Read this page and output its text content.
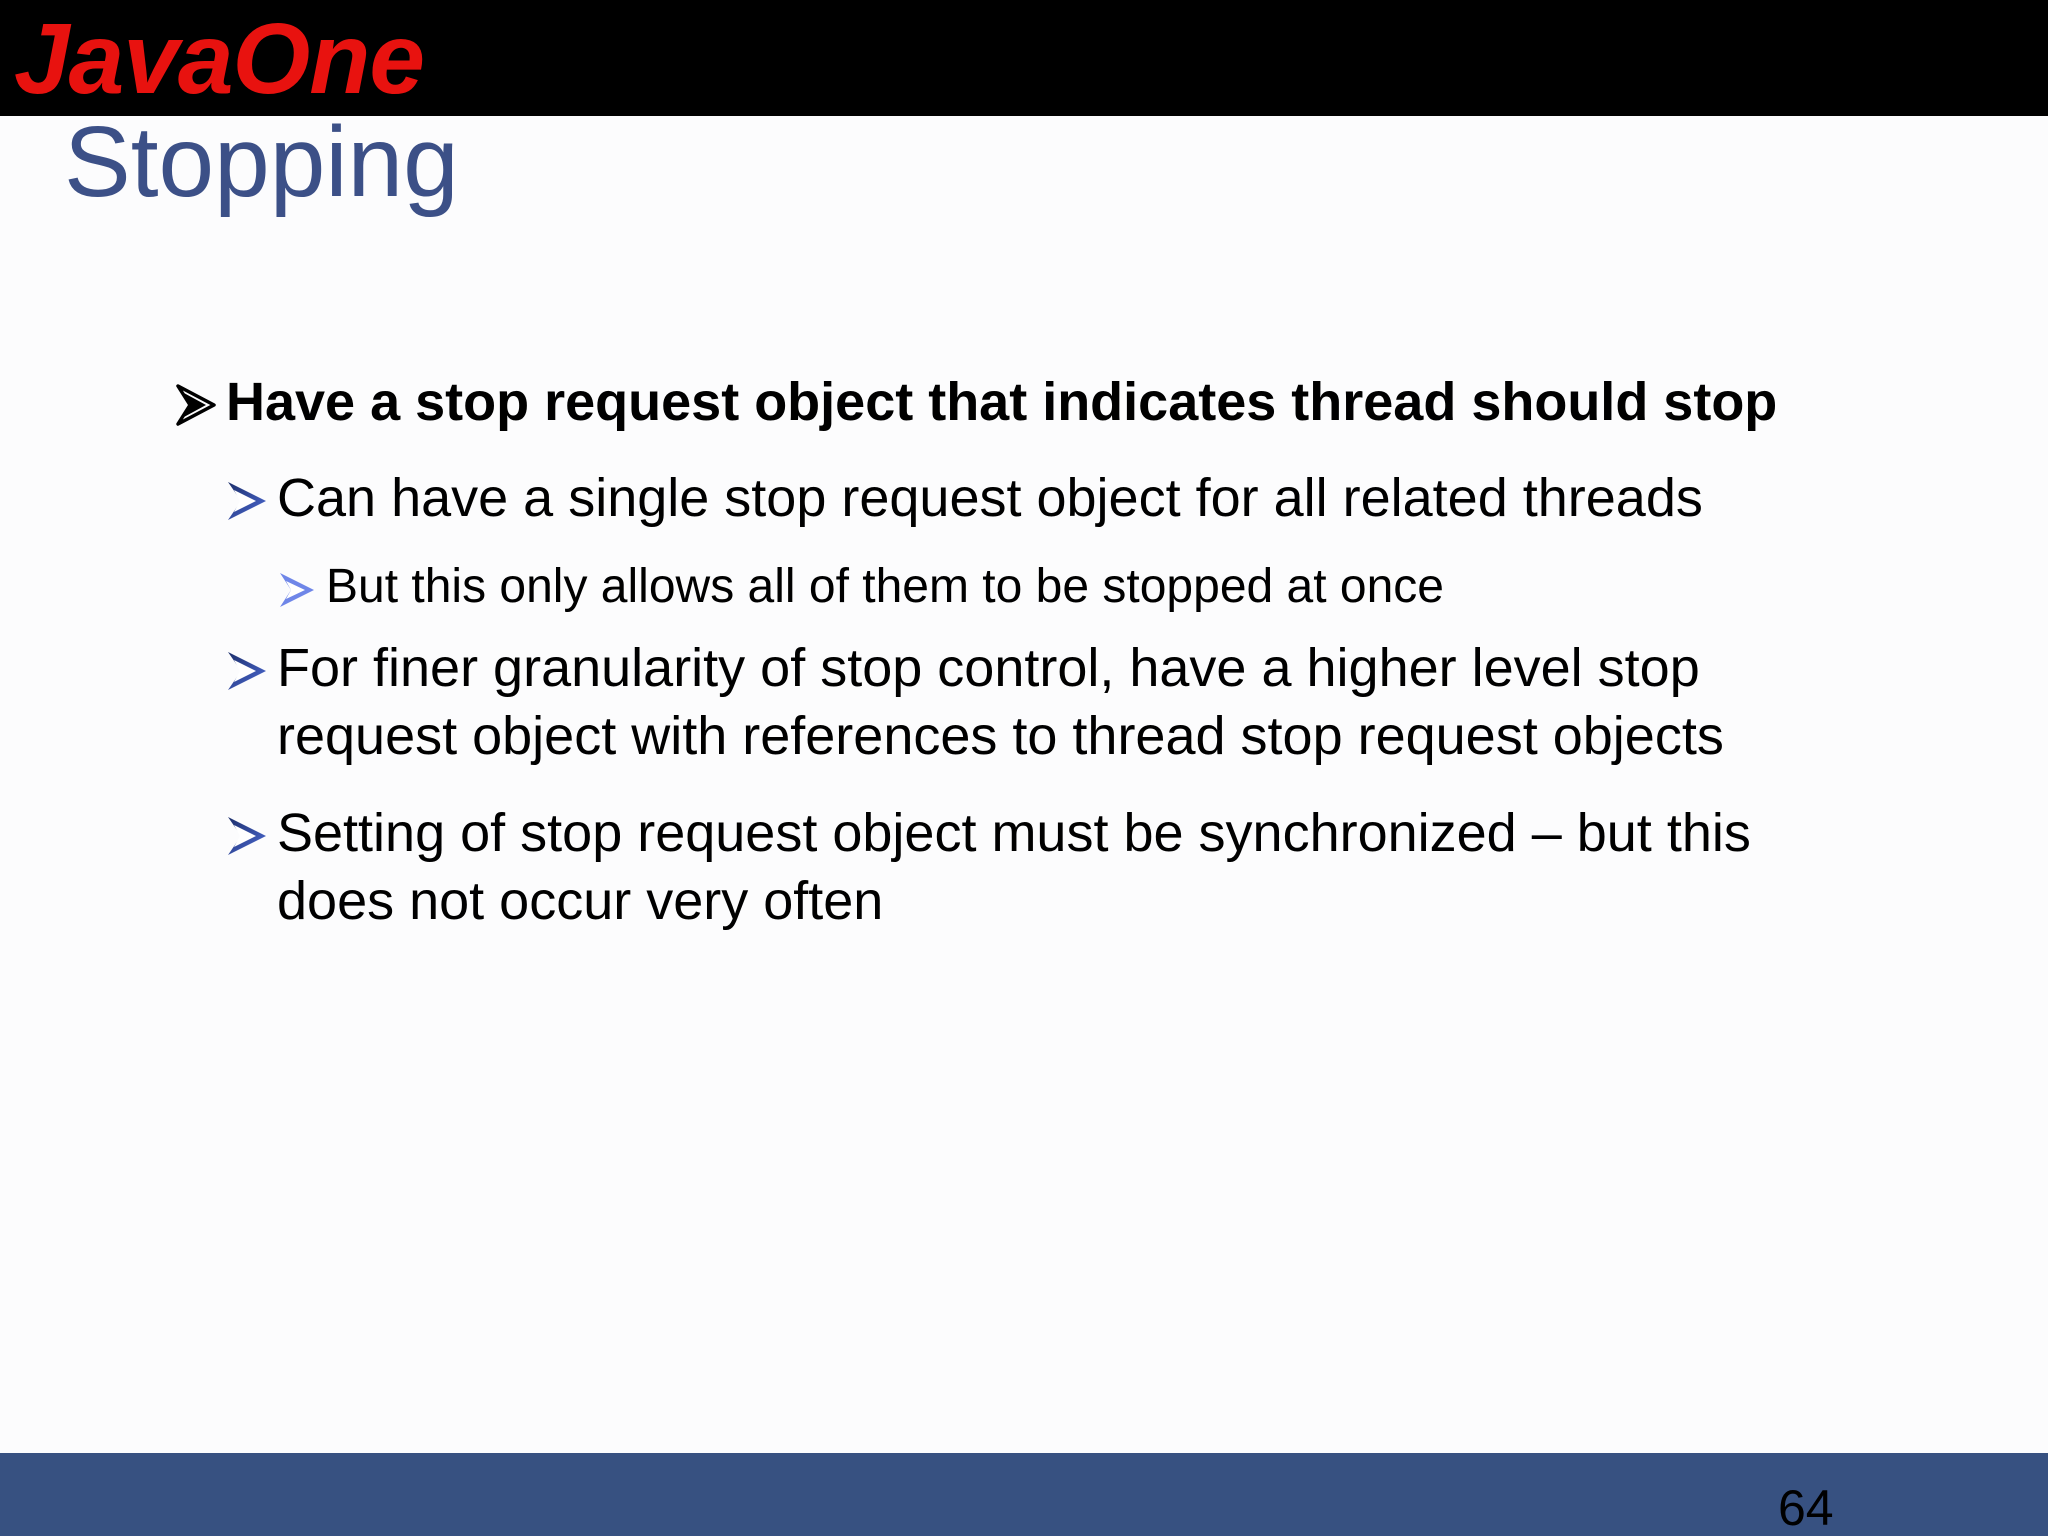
JavaOne
Stopping
Have a stop request object that indicates thread should stop
Can have a single stop request object for all related threads
But this only allows all of them to be stopped at once
For finer granularity of stop control, have a higher level stop request object with references to thread stop request objects
Setting of stop request object must be synchronized – but this does not occur very often
64
